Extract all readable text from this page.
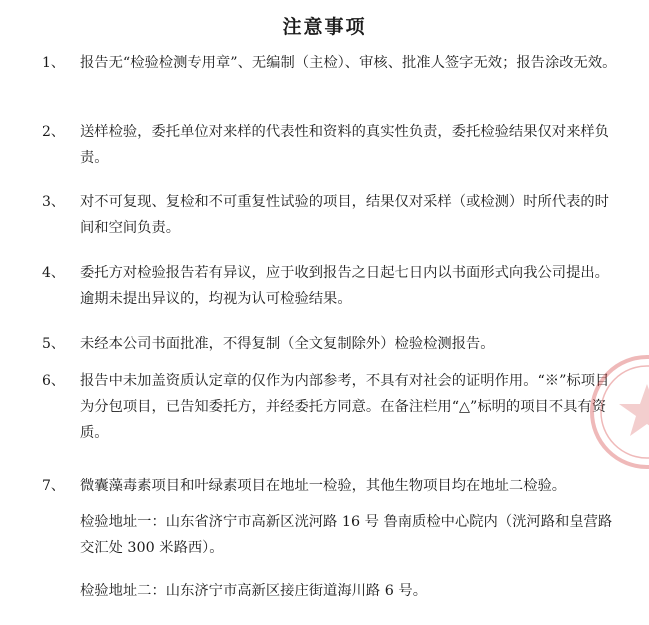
注意事项
1、 报告无“检验检测专用章”、无编制（主检）、审核、批准人签字无效；报告涂改无效。
2、 送样检验，委托单位对来样的代表性和资料的真实性负责，委托检验结果仅对来样负责。
3、 对不可复现、复检和不可重复性试验的项目，结果仅对采样（或检测）时所代表的时间和空间负责。
4、 委托方对检验报告若有异议，应于收到报告之日起七日内以书面形式向我公司提出。逾期未提出异议的，均视为认可检验结果。
5、 未经本公司书面批准，不得复制（全文复制除外）检验检测报告。
6、 报告中未加盖资质认定章的仅作为内部参考，不具有对社会的证明作用。“※”标项目为分包项目，已告知委托方，并经委托方同意。在备注栏用“△”标明的项目不具有资质。
7、 微囊藻毒素项目和叶绿素项目在地址一检验，其他生物项目均在地址二检验。
检验地址一：山东省济宁市高新区洸河路 16 号 鲁南质检中心院内（洸河路和皇营路交汇处 300 米路西）。
检验地址二：山东济宁市高新区接庄街道海川路 6 号。
